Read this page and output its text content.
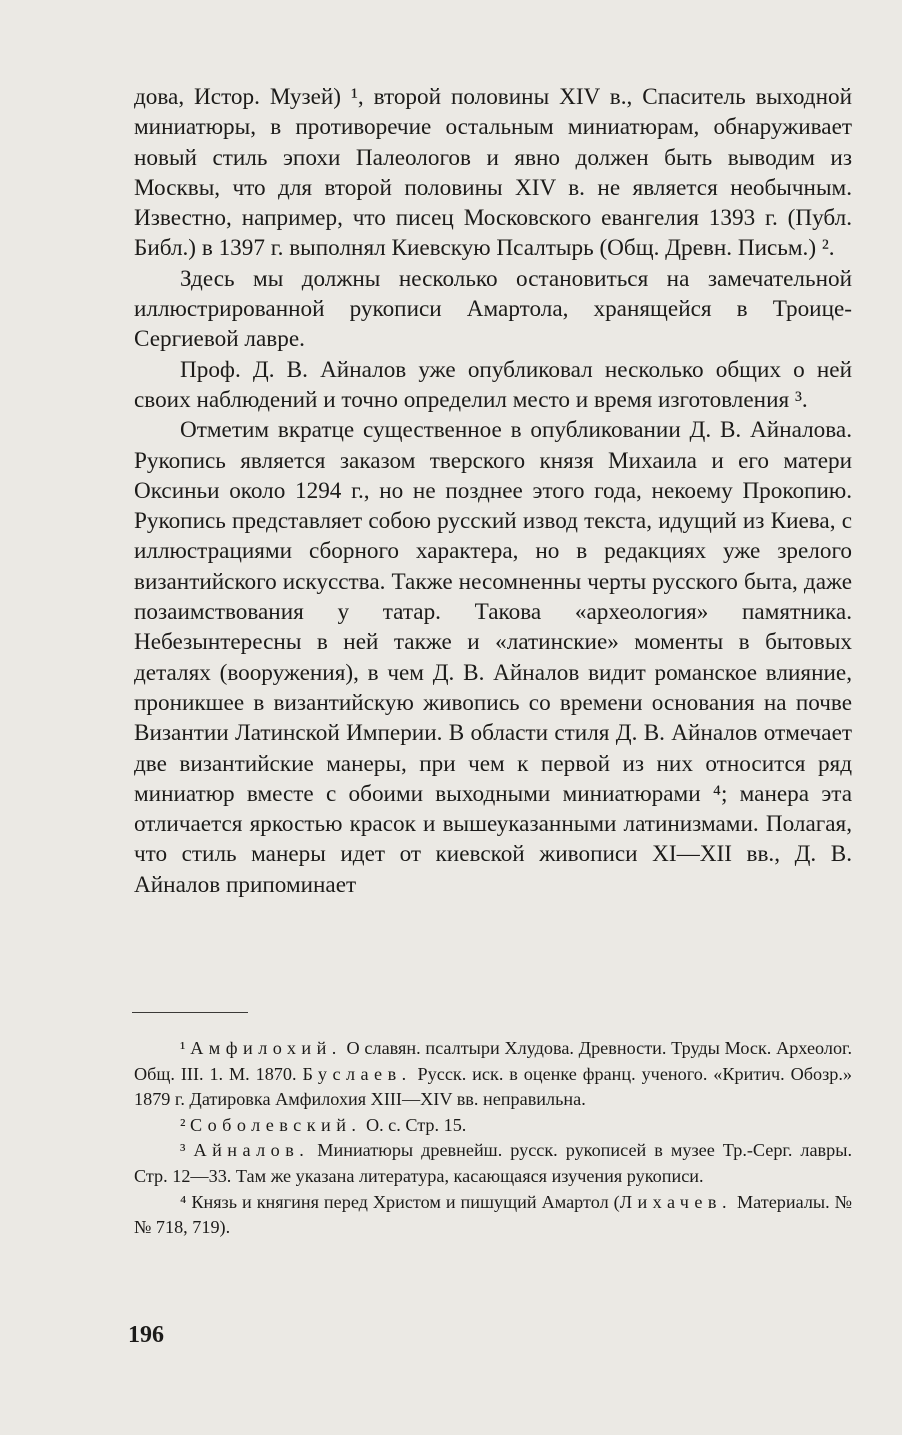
дова, Истор. Музей) ¹, второй половины XIV в., Спаситель выходной миниатюры, в противоречие остальным миниатюрам, обнаруживает новый стиль эпохи Палеологов и явно должен быть выводим из Москвы, что для второй половины XIV в. не является необычным. Известно, например, что писец Московского евангелия 1393 г. (Публ. Библ.) в 1397 г. выполнял Киевскую Псалтырь (Общ. Древн. Письм.) ².

Здесь мы должны несколько остановиться на замечательной иллюстрированной рукописи Амартола, хранящейся в Троице-Сергиевой лавре.

Проф. Д. В. Айналов уже опубликовал несколько общих о ней своих наблюдений и точно определил место и время изготовления ³.

Отметим вкратце существенное в опубликовании Д. В. Айналова. Рукопись является заказом тверского князя Михаила и его матери Оксиньи около 1294 г., но не позднее этого года, некоему Прокопию. Рукопись представляет собою русский извод текста, идущий из Киева, с иллюстрациями сборного характера, но в редакциях уже зрелого византийского искусства. Также несомненны черты русского быта, даже позаимствования у татар. Такова «археология» памятника. Небезынтересны в ней также и «латинские» моменты в бытовых деталях (вооружения), в чем Д. В. Айналов видит романское влияние, проникшее в византийскую живопись со времени основания на почве Византии Латинской Империи. В области стиля Д. В. Айналов отмечает две византийские манеры, при чем к первой из них относится ряд миниатюр вместе с обоими выходными миниатюрами ⁴; манера эта отличается яркостью красок и вышеуказанными латинизмами. Полагая, что стиль манеры идет от киевской живописи XI—XII вв., Д. В. Айналов припоминает

¹ Амфилохий. О славян. псалтыри Хлудова. Древности. Труды Моск. Археолог. Общ. III. 1. М. 1870. Буслаев. Русск. иск. в оценке франц. ученого. «Критич. Обозр.» 1879 г. Датировка Амфилохия XIII—XIV вв. неправильна.

² Соболевский. О. с. Стр. 15.

³ Айналов. Миниатюры древнейш. русск. рукописей в музее Тр.-Серг. лавры. Стр. 12—33. Там же указана литература, касающаяся изучения рукописи.

⁴ Князь и княгиня перед Христом и пишущий Амартол (Лихачев. Материалы. №№ 718, 719).

196
